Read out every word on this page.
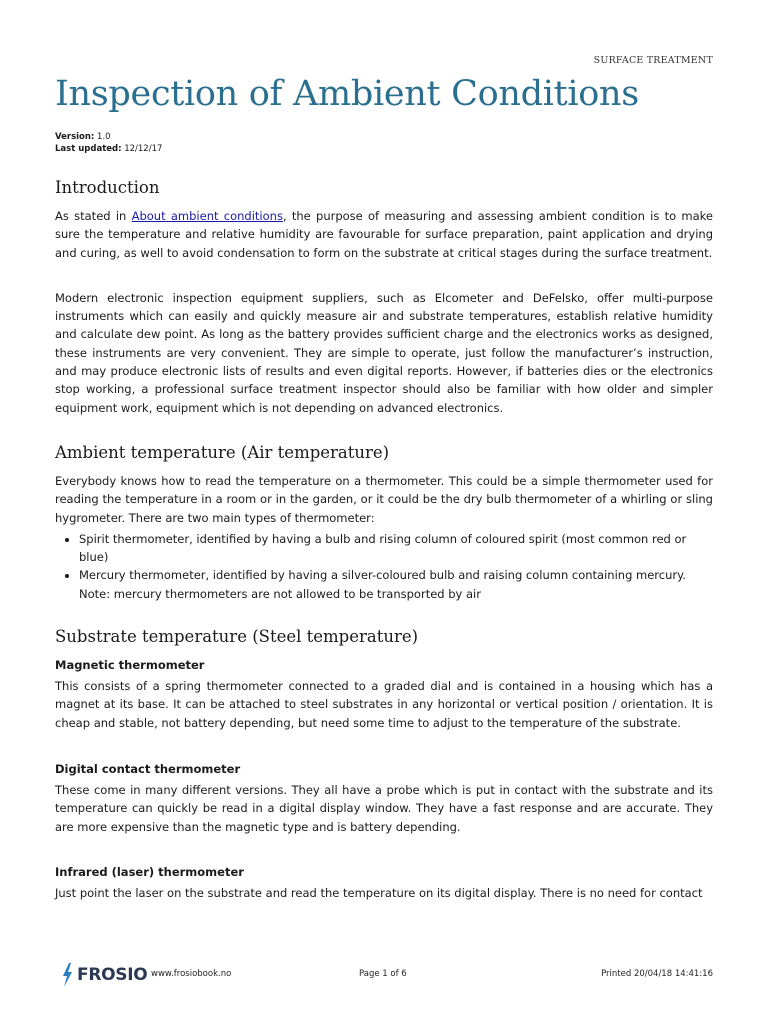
SURFACE TREATMENT
Inspection of Ambient Conditions
Version: 1.0
Last updated: 12/12/17
Introduction

As stated in About ambient conditions, the purpose of measuring and assessing ambient condition is to make sure the temperature and relative humidity are favourable for surface preparation, paint application and drying and curing, as well to avoid condensation to form on the substrate at critical stages during the surface treatment.

Modern electronic inspection equipment suppliers, such as Elcometer and DeFelsko, offer multi-purpose instruments which can easily and quickly measure air and substrate temperatures, establish relative humidity and calculate dew point. As long as the battery provides sufficient charge and the electronics works as designed, these instruments are very convenient. They are simple to operate, just follow the manufacturer’s instruction, and may produce electronic lists of results and even digital reports. However, if batteries dies or the electronics stop working, a professional surface treatment inspector should also be familiar with how older and simpler equipment work, equipment which is not depending on advanced electronics.

Ambient temperature (Air temperature)

Everybody knows how to read the temperature on a thermometer. This could be a simple thermometer used for reading the temperature in a room or in the garden, or it could be the dry bulb thermometer of a whirling or sling hygrometer. There are two main types of thermometer:

• Spirit thermometer, identified by having a bulb and rising column of coloured spirit (most common red or blue)
• Mercury thermometer, identified by having a silver-coloured bulb and raising column containing mercury. Note: mercury thermometers are not allowed to be transported by air
Substrate temperature (Steel temperature)
Magnetic thermometer

This consists of a spring thermometer connected to a graded dial and is contained in a housing which has a magnet at its base. It can be attached to steel substrates in any horizontal or vertical position / orientation. It is cheap and stable, not battery depending, but need some time to adjust to the temperature of the substrate.

Digital contact thermometer

These come in many different versions. They all have a probe which is put in contact with the substrate and its temperature can quickly be read in a digital display window. They have a fast response and are accurate. They are more expensive than the magnetic type and is battery depending.

Infrared (laser) thermometer

Just point the laser on the substrate and read the temperature on its digital display. There is no need for contact

FROSIO www.frosiobook.no	Page 1 of 6	Printed 20/04/18 14:41:16
